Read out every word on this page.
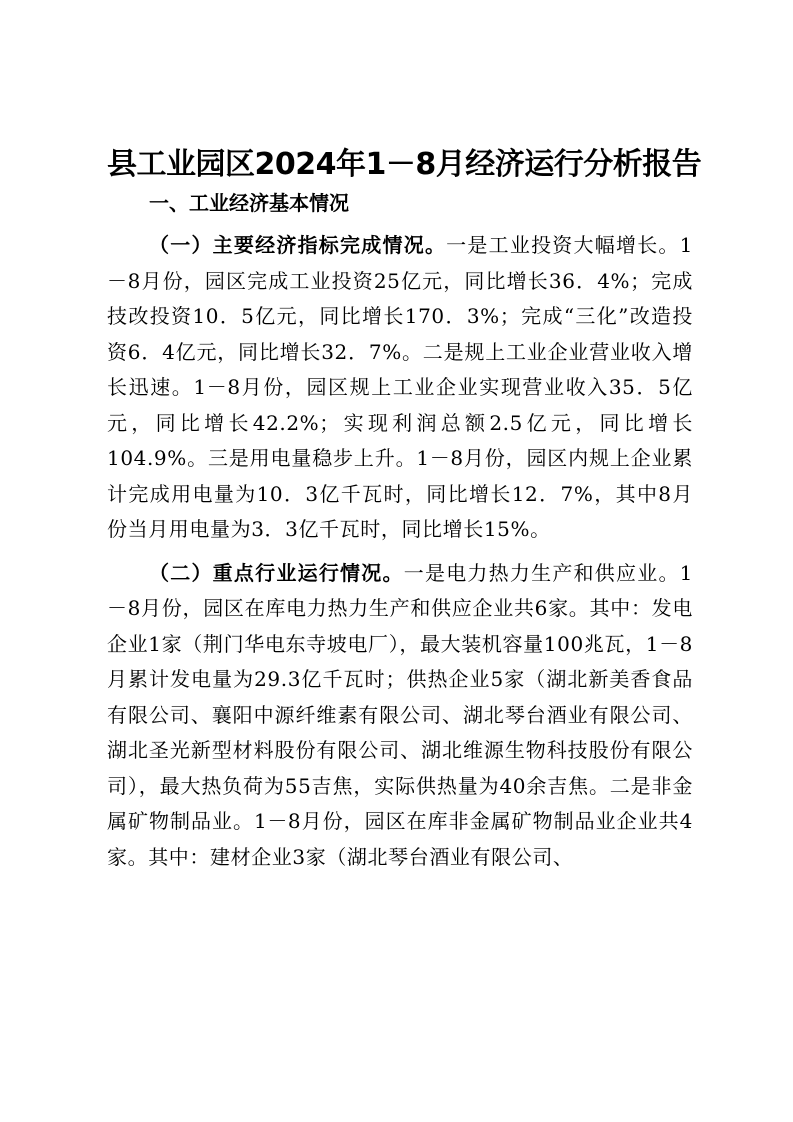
县工业园区2024年1－8月经济运行分析报告
一、工业经济基本情况

（一）主要经济指标完成情况。一是工业投资大幅增长。1－8月份，园区完成工业投资25亿元，同比增长36．4%；完成技改投资10．5亿元，同比增长170．3%；完成“三化”改造投资6．4亿元，同比增长32．7%。二是规上工业企业营业收入增长迅速。1－8月份，园区规上工业企业实现营业收入35．5亿元，同比增长42.2%；实现利润总额2.5亿元，同比增长104.9%。三是用电量稳步上升。1－8月份，园区内规上企业累计完成用电量为10．3亿千瓦时，同比增长12．7%，其中8月份当月用电量为3．3亿千瓦时，同比增长15%。

（二）重点行业运行情况。一是电力热力生产和供应业。1－8月份，园区在库电力热力生产和供应企业共6家。其中：发电企业1家（荆门华电东寺坡电厂），最大装机容量100兆瓦，1－8月累计发电量为29.3亿千瓦时；供热企业5家（湖北新美香食品有限公司、襄阳中源纤维素有限公司、湖北琴台酒业有限公司、湖北圣光新型材料股份有限公司、湖北维源生物科技股份有限公司），最大热负荷为55吉焦，实际供热量为40余吉焦。二是非金属矿物制品业。1－8月份，园区在库非金属矿物制品业企业共4家。其中：建材企业3家（湖北琴台酒业有限公司、
